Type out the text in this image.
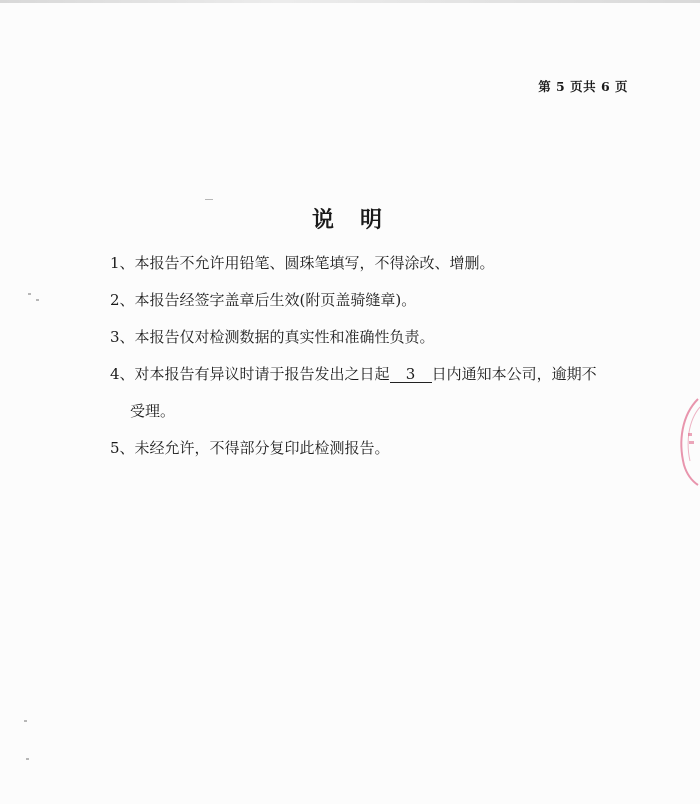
第 5 页共 6 页
说明
1、本报告不允许用铅笔、圆珠笔填写，不得涂改、增删。
2、本报告经签字盖章后生效(附页盖骑缝章)。
3、本报告仅对检测数据的真实性和准确性负责。
4、对本报告有异议时请于报告发出之日起 3 日内通知本公司，逾期不
受理。
5、未经允许，不得部分复印此检测报告。
